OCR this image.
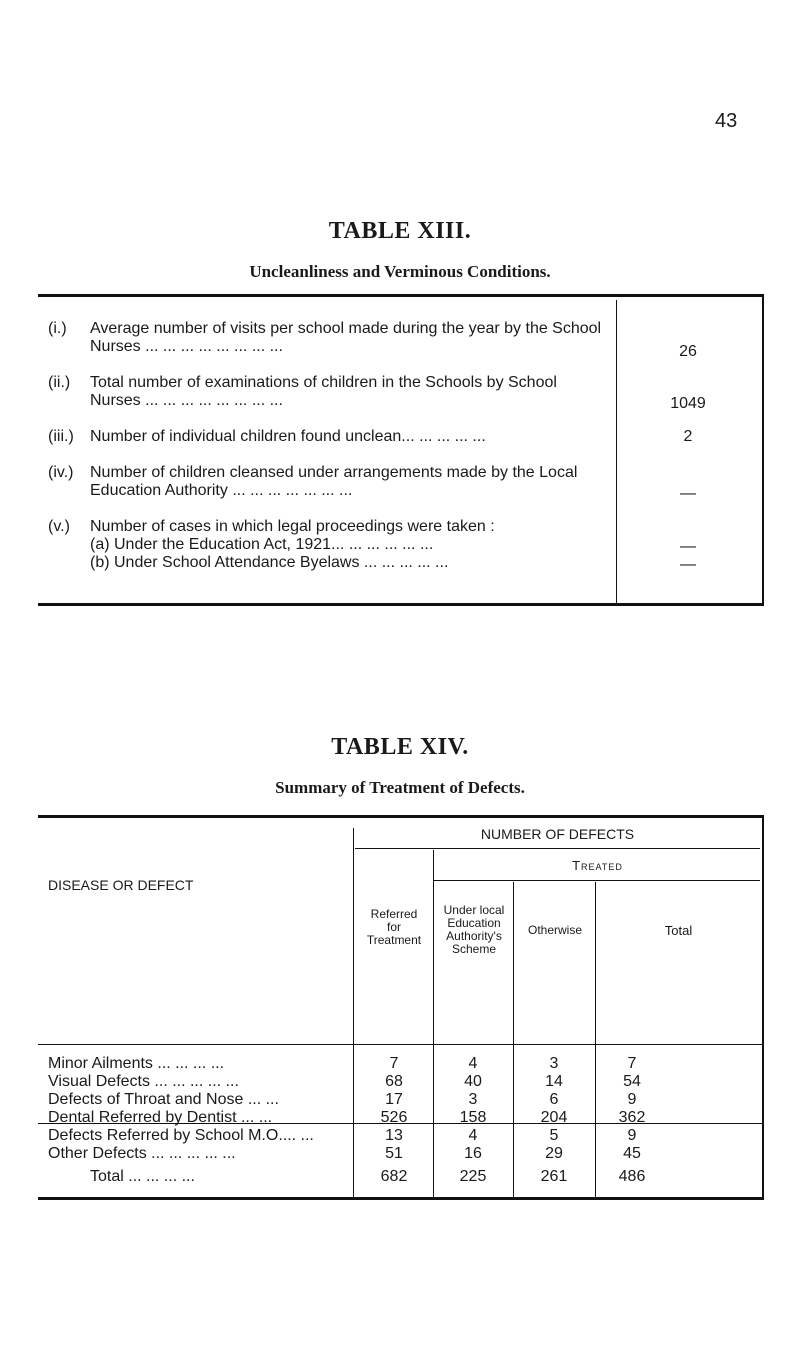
43
TABLE XIII.
Uncleanliness and Verminous Conditions.
(i.) Average number of visits per school made during the year by the School
Nurses ... ... ... ... ... ... ... ...	26
(ii.) Total number of examinations of children in the Schools by School
Nurses ... ... ... ... ... ... ... ...	1049
(iii.) Number of individual children found unclean... ... ... ... ...	2
(iv.) Number of children cleansed under arrangements made by the Local
Education Authority ... ... ... ... ... ... ...	—
(v.) Number of cases in which legal proceedings were taken :
(a) Under the Education Act, 1921... ... ... ... ... ...	—
(b) Under School Attendance Byelaws ... ... ... ... ...	—
TABLE XIV.
Summary of Treatment of Defects.
DISEASE OR DEFECT
NUMBER OF DEFECTS
Treated
Referred
for
Treatment
Under local
Education
Authority's
Scheme
Otherwise	Total
Minor Ailments ... ... ... ...	7	4	3	7
Visual Defects ... ... ... ... ...	68	40	14	54
Defects of Throat and Nose ... ...	17	3	6	9
Dental Referred by Dentist ... ...	526	158	204	362
Defects Referred by School M.O.... ...	13	4	5	9
Other Defects ... ... ... ... ...	51	16	29	45
Total ... ... ... ...	682	225	261	486
